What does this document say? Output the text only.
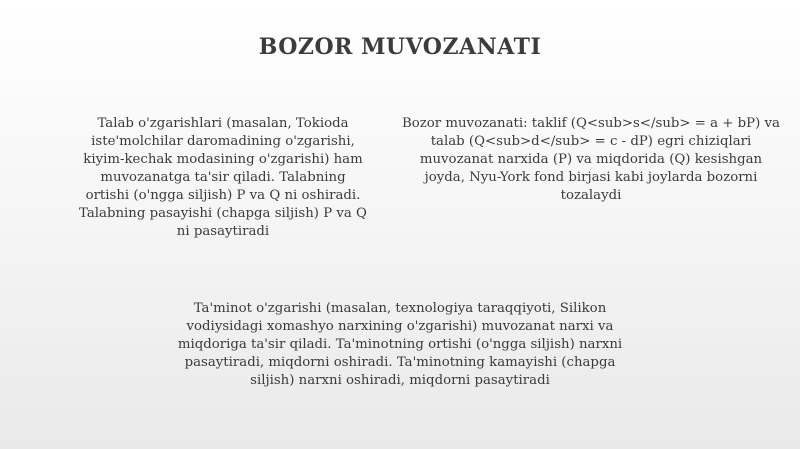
BOZOR MUVOZANATI
Talab o'zgarishlari (masalan, Tokioda iste'molchilar daromadining o'zgarishi, kiyim-kechak modasining o'zgarishi) ham muvozanatga ta'sir qiladi. Talabning ortishi (o'ngga siljish) P va Q ni oshiradi. Talabning pasayishi (chapga siljish) P va Q ni pasaytiradi
Bozor muvozanati: taklif (Q<sub>s</sub> = a + bP) va talab (Q<sub>d</sub> = c - dP) egri chiziqlari muvozanat narxida (P) va miqdorida (Q) kesishgan joyda, Nyu-York fond birjasi kabi joylarda bozorni tozalaydi
Ta'minot o'zgarishi (masalan, texnologiya taraqqiyoti, Silikon vodiysidagi xomashyo narxining o'zgarishi) muvozanat narxi va miqdoriga ta'sir qiladi. Ta'minotning ortishi (o'ngga siljish) narxni pasaytiradi, miqdorni oshiradi. Ta'minotning kamayishi (chapga siljish) narxni oshiradi, miqdorni pasaytiradi
